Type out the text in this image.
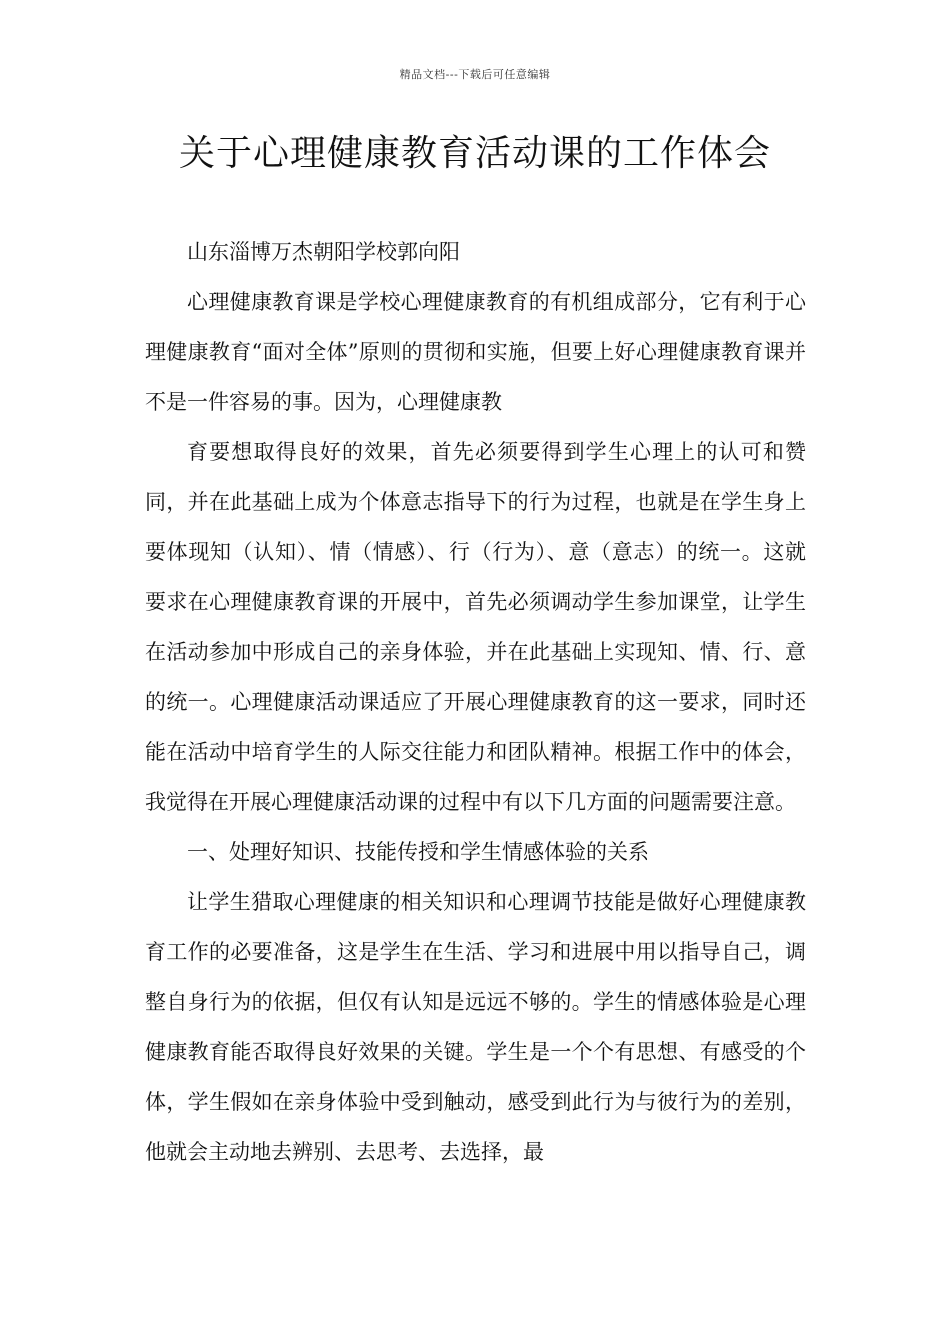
精品文档---下载后可任意编辑
关于心理健康教育活动课的工作体会

山东淄博万杰朝阳学校郭向阳

心理健康教育课是学校心理健康教育的有机组成部分，它有利于心理健康教育“面对全体”原则的贯彻和实施，但要上好心理健康教育课并不是一件容易的事。因为，心理健康教

育要想取得良好的效果，首先必须要得到学生心理上的认可和赞同，并在此基础上成为个体意志指导下的行为过程，也就是在学生身上要体现知（认知）、情（情感）、行（行为）、意（意志）的统一。这就要求在心理健康教育课的开展中，首先必须调动学生参加课堂，让学生在活动参加中形成自己的亲身体验，并在此基础上实现知、情、行、意的统一。心理健康活动课适应了开展心理健康教育的这一要求，同时还能在活动中培育学生的人际交往能力和团队精神。根据工作中的体会，我觉得在开展心理健康活动课的过程中有以下几方面的问题需要注意。

一、处理好知识、技能传授和学生情感体验的关系

让学生猎取心理健康的相关知识和心理调节技能是做好心理健康教育工作的必要准备，这是学生在生活、学习和进展中用以指导自己，调整自身行为的依据，但仅有认知是远远不够的。学生的情感体验是心理健康教育能否取得良好效果的关键。学生是一个个有思想、有感受的个体，学生假如在亲身体验中受到触动，感受到此行为与彼行为的差别，他就会主动地去辨别、去思考、去选择，最
